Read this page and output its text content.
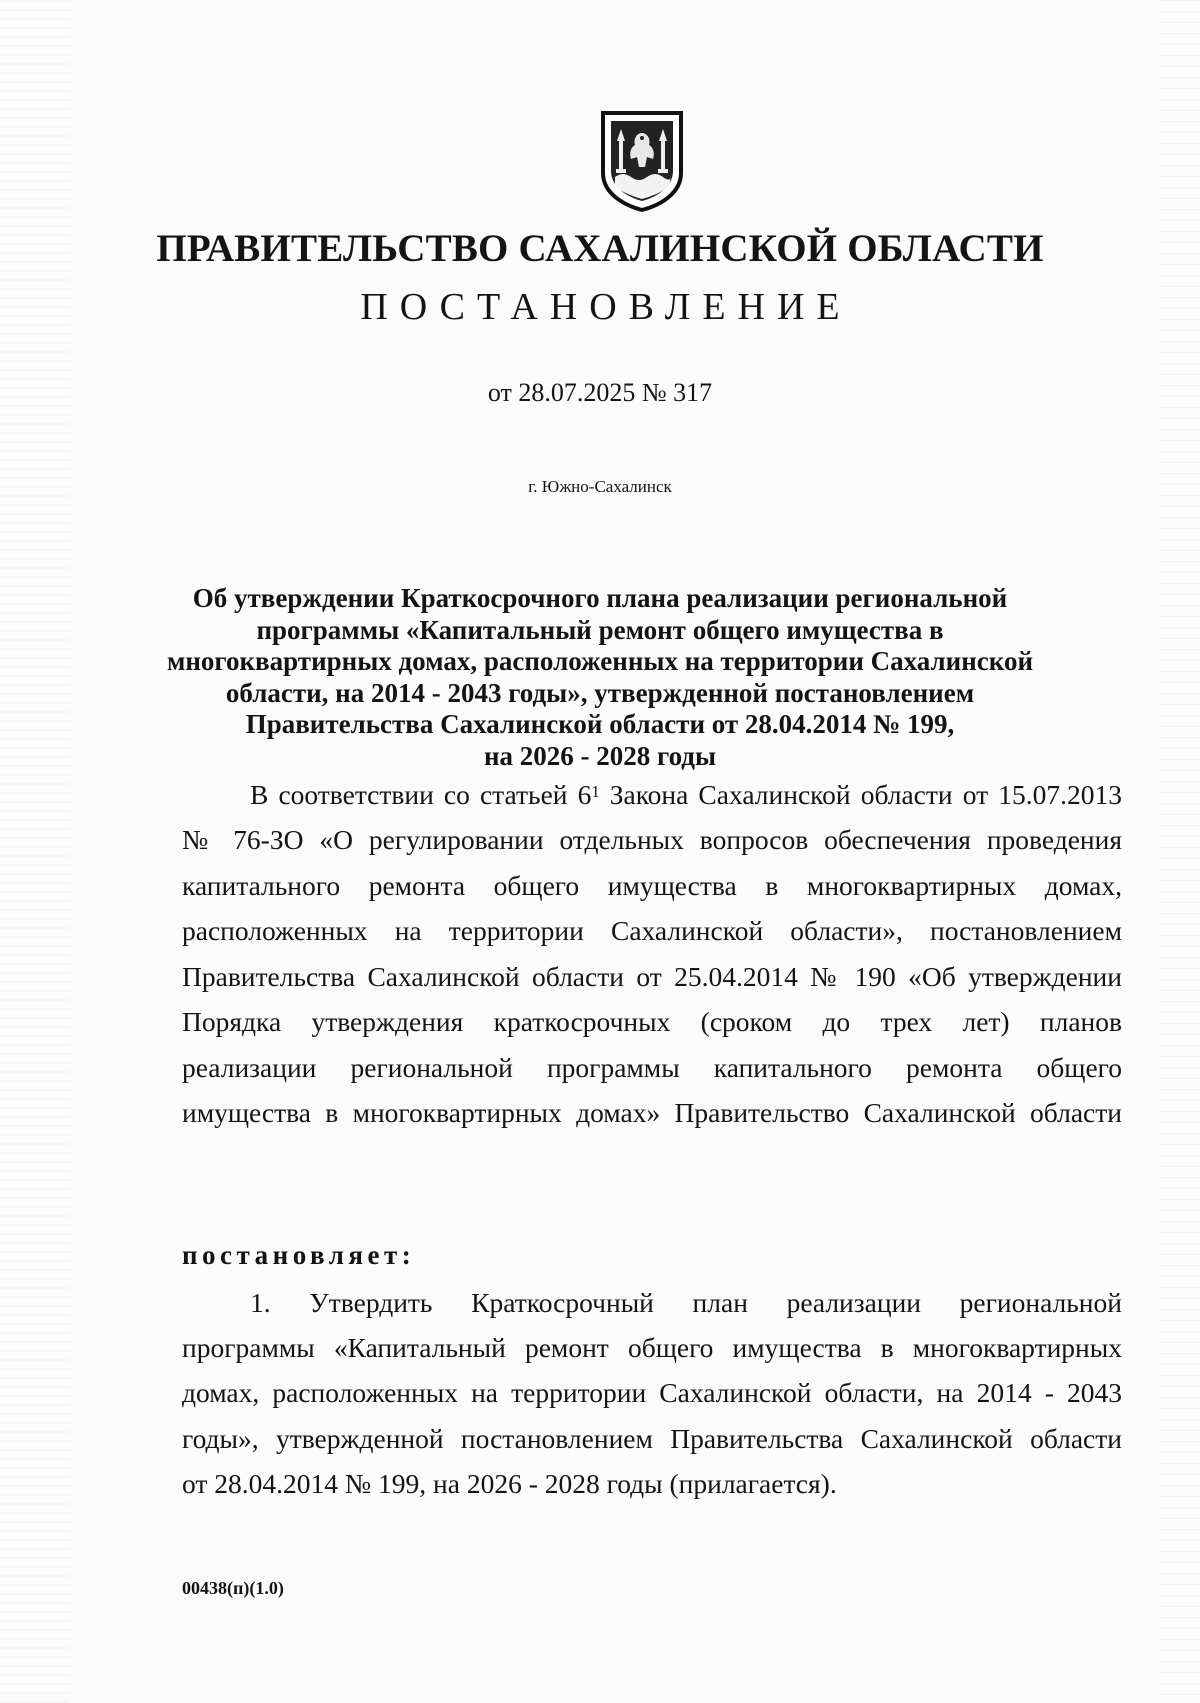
ПРАВИТЕЛЬСТВО САХАЛИНСКОЙ ОБЛАСТИ
ПОСТАНОВЛЕНИЕ
от 28.07.2025 № 317
г. Южно-Сахалинск
Об утверждении Краткосрочного плана реализации региональной
программы «Капитальный ремонт общего имущества в
многоквартирных домах, расположенных на территории Сахалинской
области, на 2014 - 2043 годы», утвержденной постановлением
Правительства Сахалинской области от 28.04.2014 № 199,
на 2026 - 2028 годы
В соответствии со статьей $6^1$ Закона Сахалинской области от 15.07.2013
№ 76-ЗО «О регулировании отдельных вопросов обеспечения проведения
капитального ремонта общего имущества в многоквартирных домах,
расположенных на территории Сахалинской области», постановлением
Правительства Сахалинской области от 25.04.2014 № 190 «Об утверждении
Порядка утверждения краткосрочных (сроком до трех лет) планов
реализации региональной программы капитального ремонта общего
имущества в многоквартирных домах» Правительство Сахалинской области
постановляет:
1. Утвердить Краткосрочный план реализации региональной
программы «Капитальный ремонт общего имущества в многоквартирных
домах, расположенных на территории Сахалинской области, на 2014 - 2043
годы», утвержденной постановлением Правительства Сахалинской области
от 28.04.2014 № 199, на 2026 - 2028 годы (прилагается).
00438(п)(1.0)
